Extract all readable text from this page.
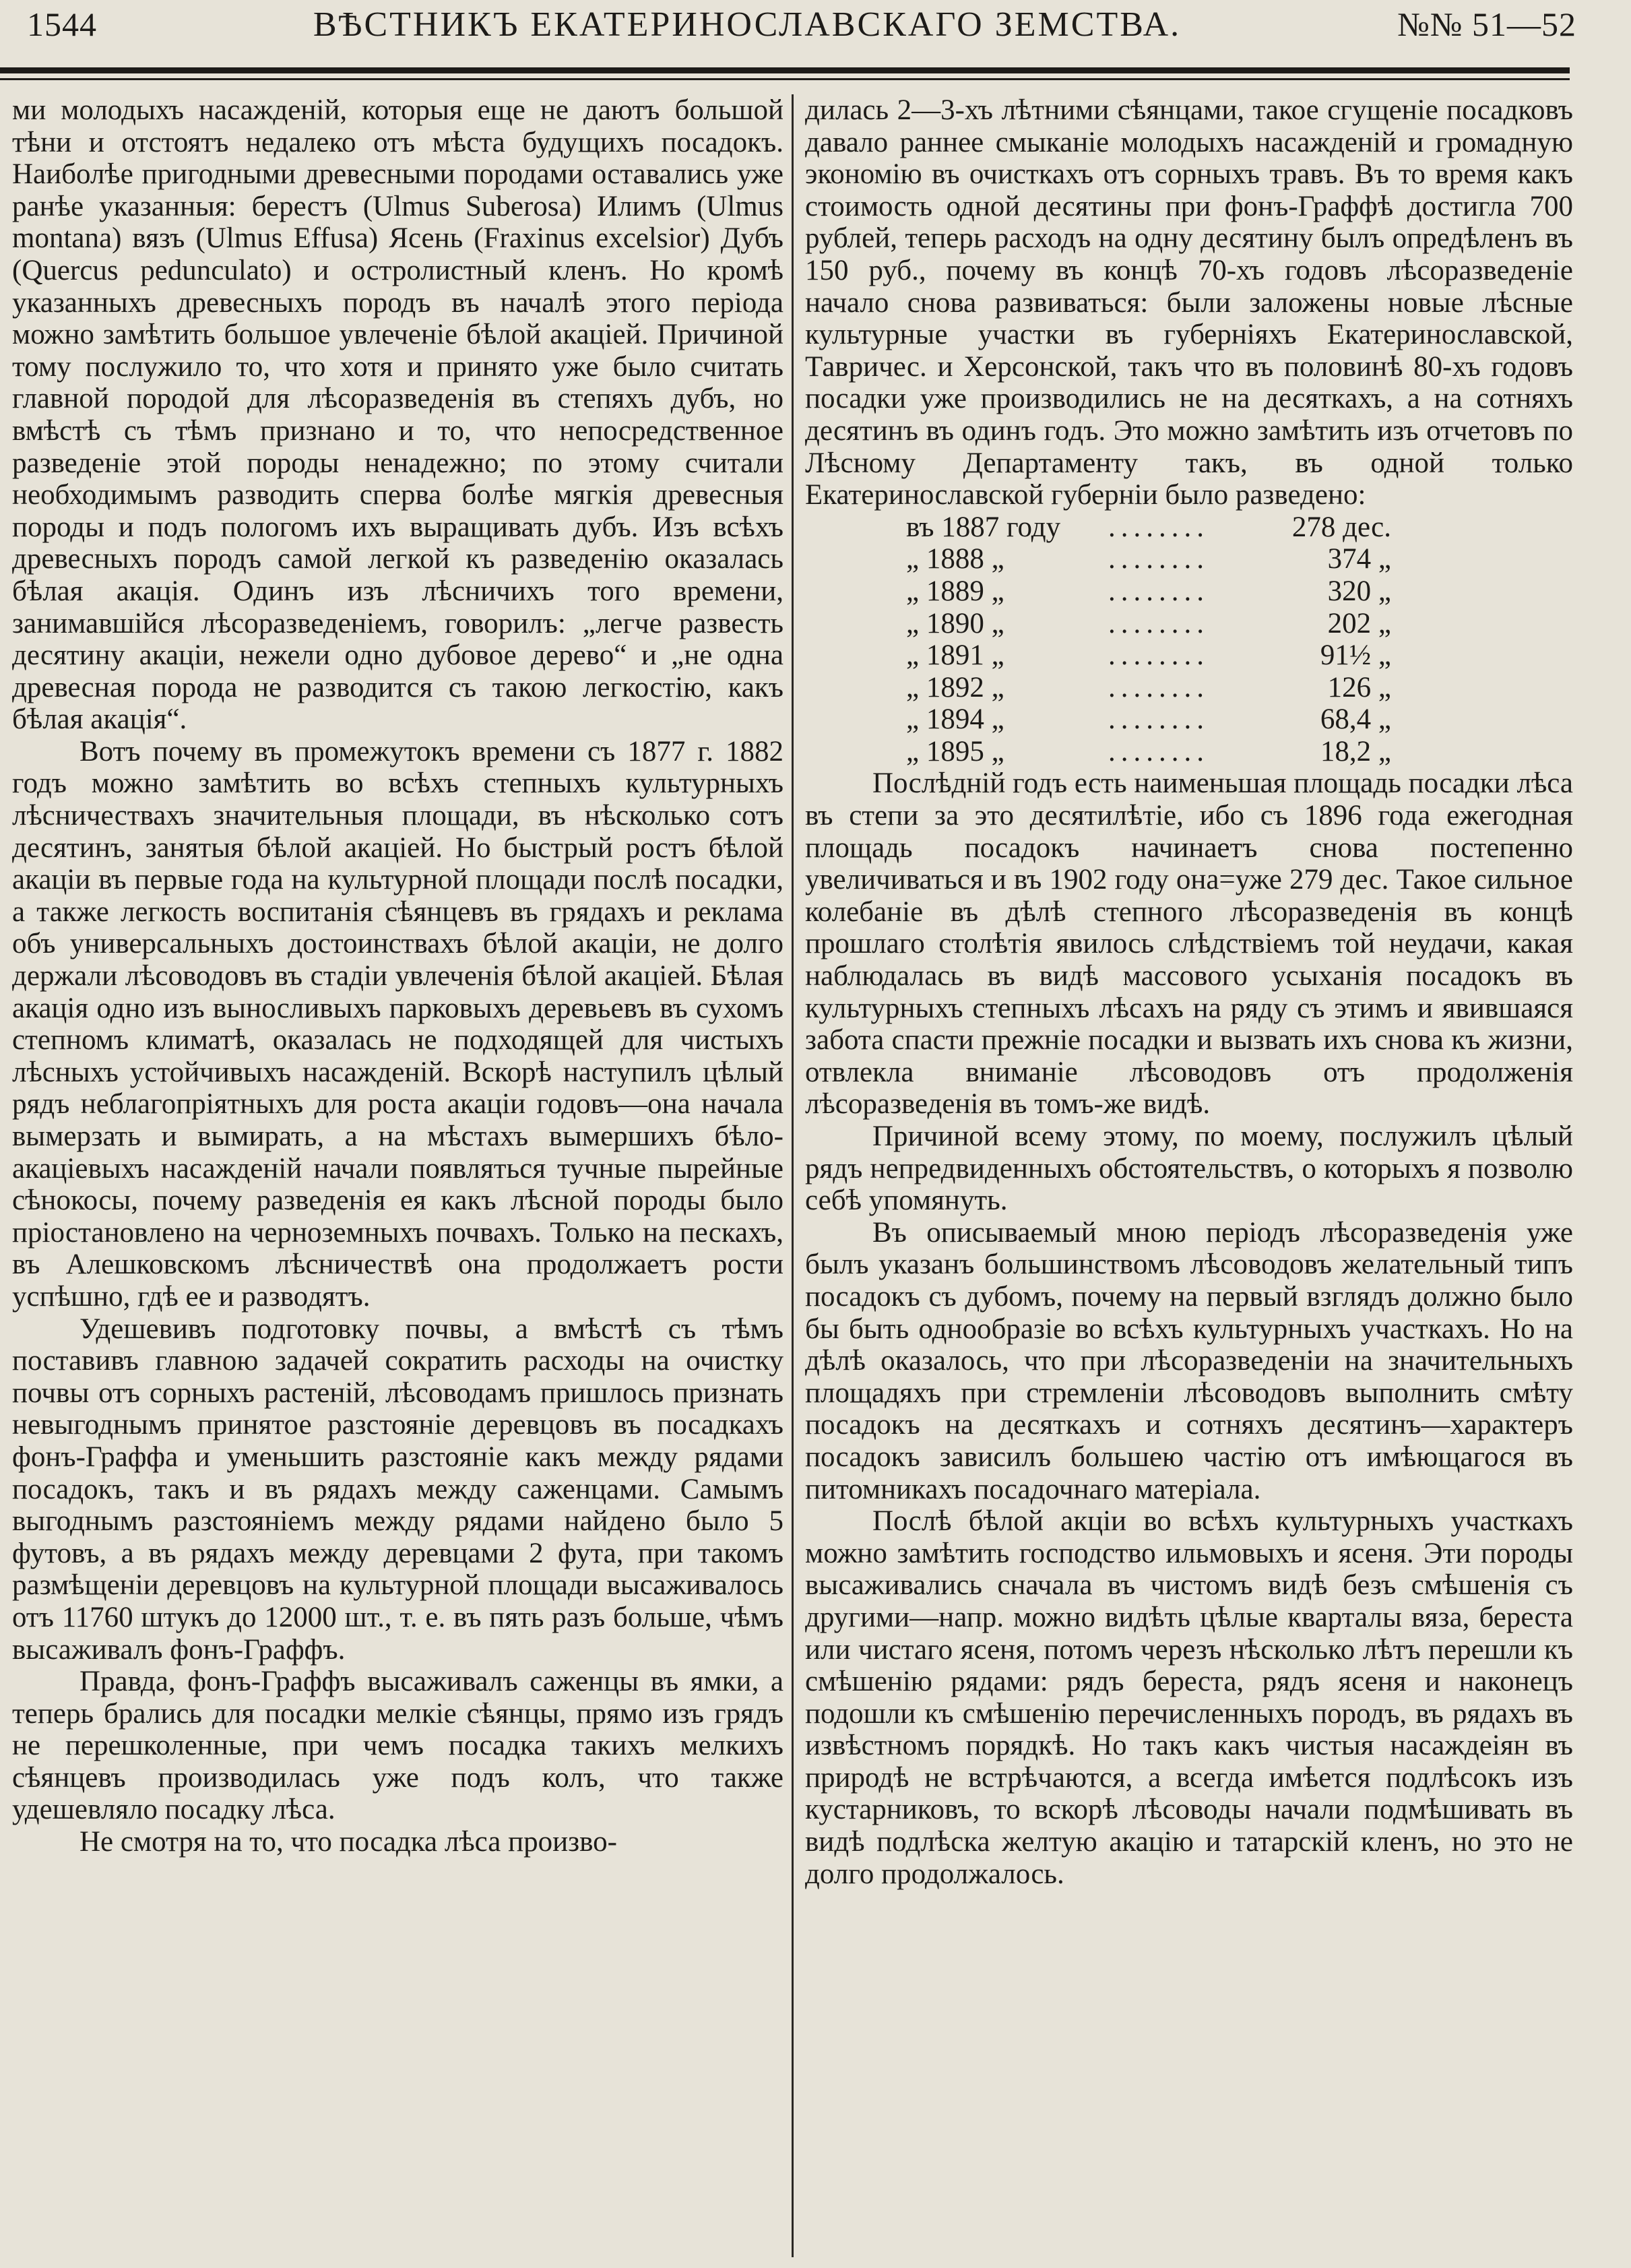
1544	ВѢСТНИКЪ ЕКАТЕРИНОСЛАВСКАГО ЗЕМСТВА.	№№ 51—52

ми молодыхъ насажденій, которыя еще не даютъ большой тѣни и отстоятъ недалеко отъ мѣста будущихъ посадокъ. Наиболѣе пригодными древесными породами оставались уже ранѣе указанныя: берестъ (Ulmus Suberosa) Илимъ (Ulmus montana) вязъ (Ulmus Effusa) Ясень (Fraxinus excelsior) Дубъ (Quercus pedunculato) и остролистный кленъ. Но кромѣ указанныхъ древесныхъ породъ въ началѣ этого періода можно замѣтить большое увлеченіе бѣлой акаціей. Причиной тому послужило то, что хотя и принято уже было считать главной породой для лѣсоразведенія въ степяхъ дубъ, но вмѣстѣ съ тѣмъ признано и то, что непосредственное разведеніе этой породы ненадежно; по этому считали необходимымъ разводить сперва болѣе мягкія древесныя породы и подъ пологомъ ихъ выращивать дубъ. Изъ всѣхъ древесныхъ породъ самой легкой къ разведенію оказалась бѣлая акація. Одинъ изъ лѣсничихъ того времени, занимавшійся лѣсоразведеніемъ, говорилъ: „легче развесть десятину акаціи, нежели одно дубовое дерево“ и „не одна древесная порода не разводится съ такою легкостію, какъ бѣлая акація“.

Вотъ почему въ промежутокъ времени съ 1877 г. 1882 годъ можно замѣтить во всѣхъ степныхъ культурныхъ лѣсничествахъ значительныя площади, въ нѣсколько сотъ десятинъ, занятыя бѣлой акаціей. Но быстрый ростъ бѣлой акаціи въ первые года на культурной площади послѣ посадки, а также легкость воспитанія сѣянцевъ въ грядахъ и реклама объ универсальныхъ достоинствахъ бѣлой акаціи, не долго держали лѣсоводовъ въ стадіи увлеченія бѣлой акаціей. Бѣлая акація одно изъ выносливыхъ парковыхъ деревьевъ въ сухомъ степномъ климатѣ, оказалась не подходящей для чистыхъ лѣсныхъ устойчивыхъ насажденій. Вскорѣ наступилъ цѣлый рядъ неблагопріятныхъ для роста акаціи годовъ—она начала вымерзать и вымирать, а на мѣстахъ вымершихъ бѣло-акаціевыхъ насажденій начали появляться тучные пырейные сѣнокосы, почему разведенія ея какъ лѣсной породы было пріостановлено на черноземныхъ почвахъ. Только на пескахъ, въ Алешковскомъ лѣсничествѣ она продолжаетъ рости успѣшно, гдѣ ее и разводятъ.

Удешевивъ подготовку почвы, а вмѣстѣ съ тѣмъ поставивъ главною задачей сократить расходы на очистку почвы отъ сорныхъ растеній, лѣсоводамъ пришлось признать невыгоднымъ принятое разстояніе деревцовъ въ посадкахъ фонъ-Граффа и уменьшить разстояніе какъ между рядами посадокъ, такъ и въ рядахъ между саженцами. Самымъ выгоднымъ разстояніемъ между рядами найдено было 5 футовъ, а въ рядахъ между деревцами 2 фута, при такомъ размѣщеніи деревцовъ на культурной площади высаживалось отъ 11760 штукъ до 12000 шт., т. е. въ пять разъ больше, чѣмъ высаживалъ фонъ-Граффъ.

Правда, фонъ-Граффъ высаживалъ саженцы въ ямки, а теперь брались для посадки мелкіе сѣянцы, прямо изъ грядъ не перешколенные, при чемъ посадка такихъ мелкихъ сѣянцевъ производилась уже подъ колъ, что также удешевляло посадку лѣса.

Не смотря на то, что посадка лѣса произво-

дилась 2—3-хъ лѣтними сѣянцами, такое сгущеніе посадковъ давало раннее смыканіе молодыхъ насажденій и громадную экономію въ очисткахъ отъ сорныхъ травъ. Въ то время какъ стоимость одной десятины при фонъ-Граффѣ достигла 700 рублей, теперь расходъ на одну десятину былъ опредѣленъ въ 150 руб., почему въ концѣ 70-хъ годовъ лѣсоразведеніе начало снова развиваться: были заложены новые лѣсные культурные участки въ губерніяхъ Екатеринославской, Тавричес. и Херсонской, такъ что въ половинѣ 80-хъ годовъ посадки уже производились не на десяткахъ, а на сотняхъ десятинъ въ одинъ годъ. Это можно замѣтить изъ отчетовъ по Лѣсному Департаменту такъ, въ одной только Екатеринославской губерніи было разведено:

въ 1887 году	........	278 дес.
„ 1888 „	........	374 „
„ 1889 „	........	320 „
„ 1890 „	........	202 „
„ 1891 „	........	91½ „
„ 1892 „	........	126 „
„ 1894 „	........	68,4 „
„ 1895 „	........	18,2 „

Послѣдній годъ есть наименьшая площадь посадки лѣса въ степи за это десятилѣтіе, ибо съ 1896 года ежегодная площадь посадокъ начинаетъ снова постепенно увеличиваться и въ 1902 году она=уже 279 дес. Такое сильное колебаніе въ дѣлѣ степного лѣсоразведенія въ концѣ прошлаго столѣтія явилось слѣдствіемъ той неудачи, какая наблюдалась въ видѣ массового усыханія посадокъ въ культурныхъ степныхъ лѣсахъ на ряду съ этимъ и явившаяся забота спасти прежніе посадки и вызвать ихъ снова къ жизни, отвлекла вниманіе лѣсоводовъ отъ продолженія лѣсоразведенія въ томъ-же видѣ.

Причиной всему этому, по моему, послужилъ цѣлый рядъ непредвиденныхъ обстоятельствъ, о которыхъ я позволю себѣ упомянуть.

Въ описываемый мною періодъ лѣсоразведенія уже былъ указанъ большинствомъ лѣсоводовъ желательный типъ посадокъ съ дубомъ, почему на первый взглядъ должно было бы быть однообразіе во всѣхъ культурныхъ участкахъ. Но на дѣлѣ оказалось, что при лѣсоразведеніи на значительныхъ площадяхъ при стремленіи лѣсоводовъ выполнить смѣту посадокъ на десяткахъ и сотняхъ десятинъ—характеръ посадокъ зависилъ большею частію отъ имѣющагося въ питомникахъ посадочнаго матеріала.

Послѣ бѣлой акціи во всѣхъ культурныхъ участкахъ можно замѣтить господство ильмовыхъ и ясеня. Эти породы высаживались сначала въ чистомъ видѣ безъ смѣшенія съ другими—напр. можно видѣть цѣлые кварталы вяза, береста или чистаго ясеня, потомъ черезъ нѣсколько лѣтъ перешли къ смѣшенію рядами: рядъ береста, рядъ ясеня и наконецъ подошли къ смѣшенію перечисленныхъ породъ, въ рядахъ въ извѣстномъ порядкѣ. Но такъ какъ чистыя насаждеіян въ природѣ не встрѣчаются, а всегда имѣется подлѣсокъ изъ кустарниковъ, то вскорѣ лѣсоводы начали подмѣшивать въ видѣ подлѣска желтую акацію и татарскій кленъ, но это не долго продолжалось.
